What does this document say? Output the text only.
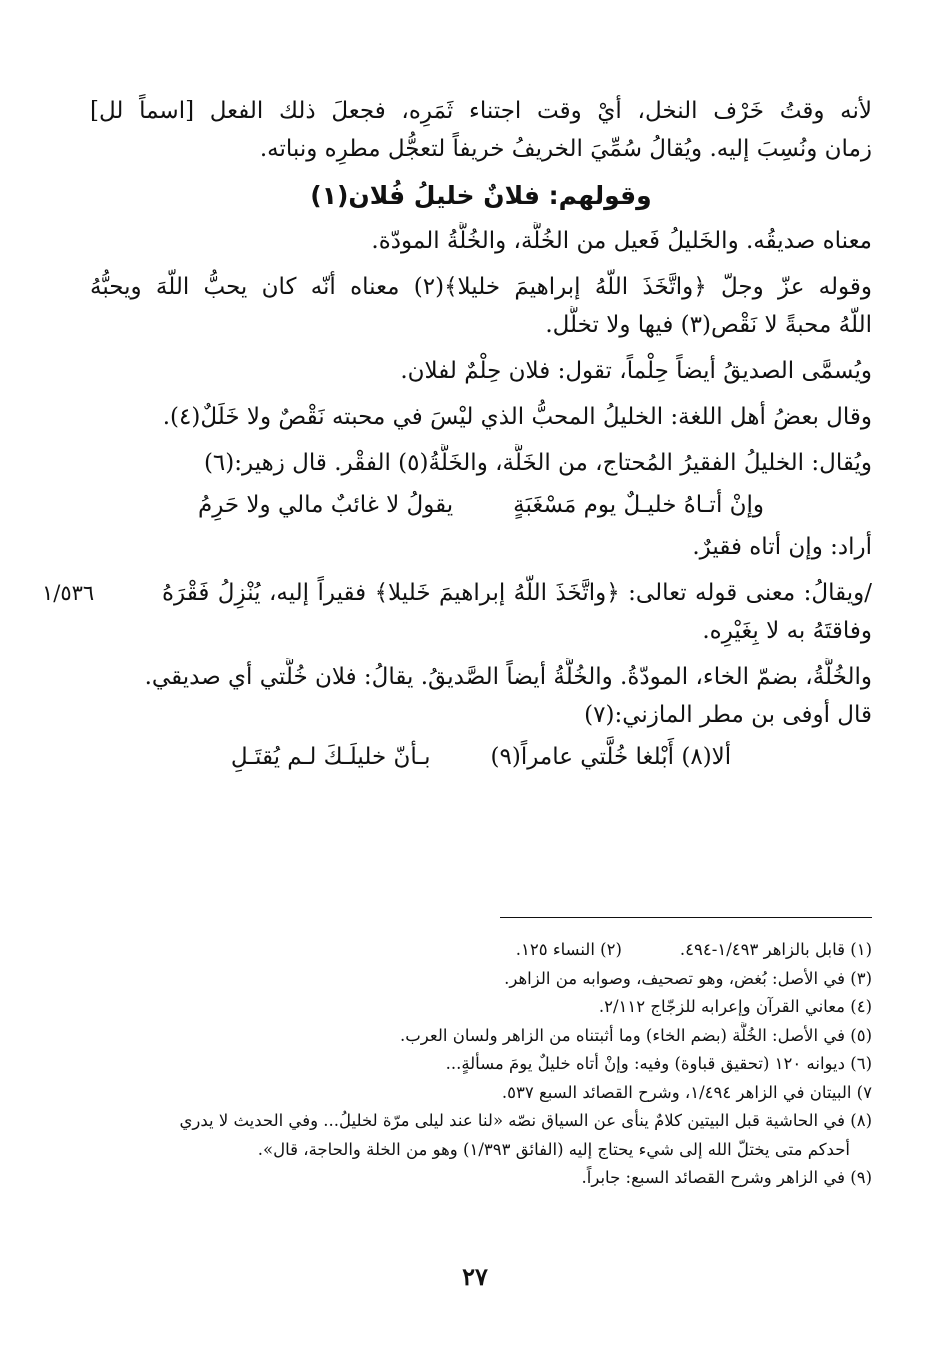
لأنه وقتُ خَرْف النخل، أيْ وقت اجتناء ثَمَرِه، فجعلَ ذلك الفعل [اسماً لل]
زمان ونُسِبَ إليه. ويُقالُ سُمِّيَ الخريفُ خريفاً لتعجُّل مطرِه ونباته.
وقولهم: فلانٌ خليلُ فُلان(١)
معناه صديقُه. والخَليلُ فَعيل من الخُلَّة، والخُلَّةُ المودّة.
وقوله عزّ وجلّ ﴿واتَّخَذَ اللّهُ إبراهيمَ خليلا﴾(٢) معناه أنّه كان يحبُّ اللّهَ ويحبُّهُ
اللّهُ محبةً لا نَقْص(٣) فيها ولا تخلُّل.
ويُسمَّى الصديقُ أيضاً حِلْماً، تقول: فلان حِلْمٌ لفلان.
وقال بعضُ أهل اللغة: الخليلُ المحبُّ الذي ليْسَ في محبته نَقْصٌ ولا خَلَلٌ(٤).
ويُقال: الخليلُ الفقيرُ المُحتاج، من الخَلَّة، والخَلَّةُ(٥) الفقْر. قال زهير:(٦)
وإنْ أتـاهُ خليـلٌ يوم مَسْغَبَةٍ
يقولُ لا غائبٌ مالي ولا حَرِمُ
أراد: وإن أتاه فقيرٌ.
/ويقالُ: معنى قوله تعالى: ﴿واتَّخَذَ اللّهُ إبراهيمَ خَليلا﴾ فقيراً إليه، يُنْزِلُ فَقْرَهُ
١/٥٣٦
وفاقتَهُ به لا بِغَيْرِه.
والخُلَّةُ، بضمّ الخاء، المودّةُ. والخُلَّةُ أيضاً الصَّديقُ. يقالُ: فلان خُلَّتي أي صديقي.
قال أوفى بن مطر المازني:(٧)
ألا(٨) أَبْلغا خُلَّتي عامراً(٩)
بـأنّ خليلَـكَ لـم يُقتَـلِ
(١) قابل بالزاهر ١/٤٩٣-٤٩٤.(٢) النساء ١٢٥.
(٣) في الأصل: بُغض، وهو تصحيف، وصوابه من الزاهر.
(٤) معاني القرآن وإعرابه للزجّاج ٢/١١٢.
(٥) في الأصل: الخُلَّة (بضم الخاء) وما أثبتناه من الزاهر ولسان العرب.
(٦) ديوانه ١٢٠ (تحقيق قباوة) وفيه: وإنْ أتاه خليلٌ يومَ مسألةٍ...
٧) البيتان في الزاهر ١/٤٩٤، وشرح القصائد السبع ٥٣٧.
(٨) في الحاشية قبل البيتين كلامٌ ينأى عن السياق نصّه «لنا عند ليلى مرّة لخليلُ... وفي الحديث لا يدري
أحدكم متى يختلّ الله إلى شيء يحتاج إليه (الفائق ١/٣٩٣) وهو من الخلة والحاجة، قال».
(٩) في الزاهر وشرح القصائد السبع: جابراً.
٢٧
